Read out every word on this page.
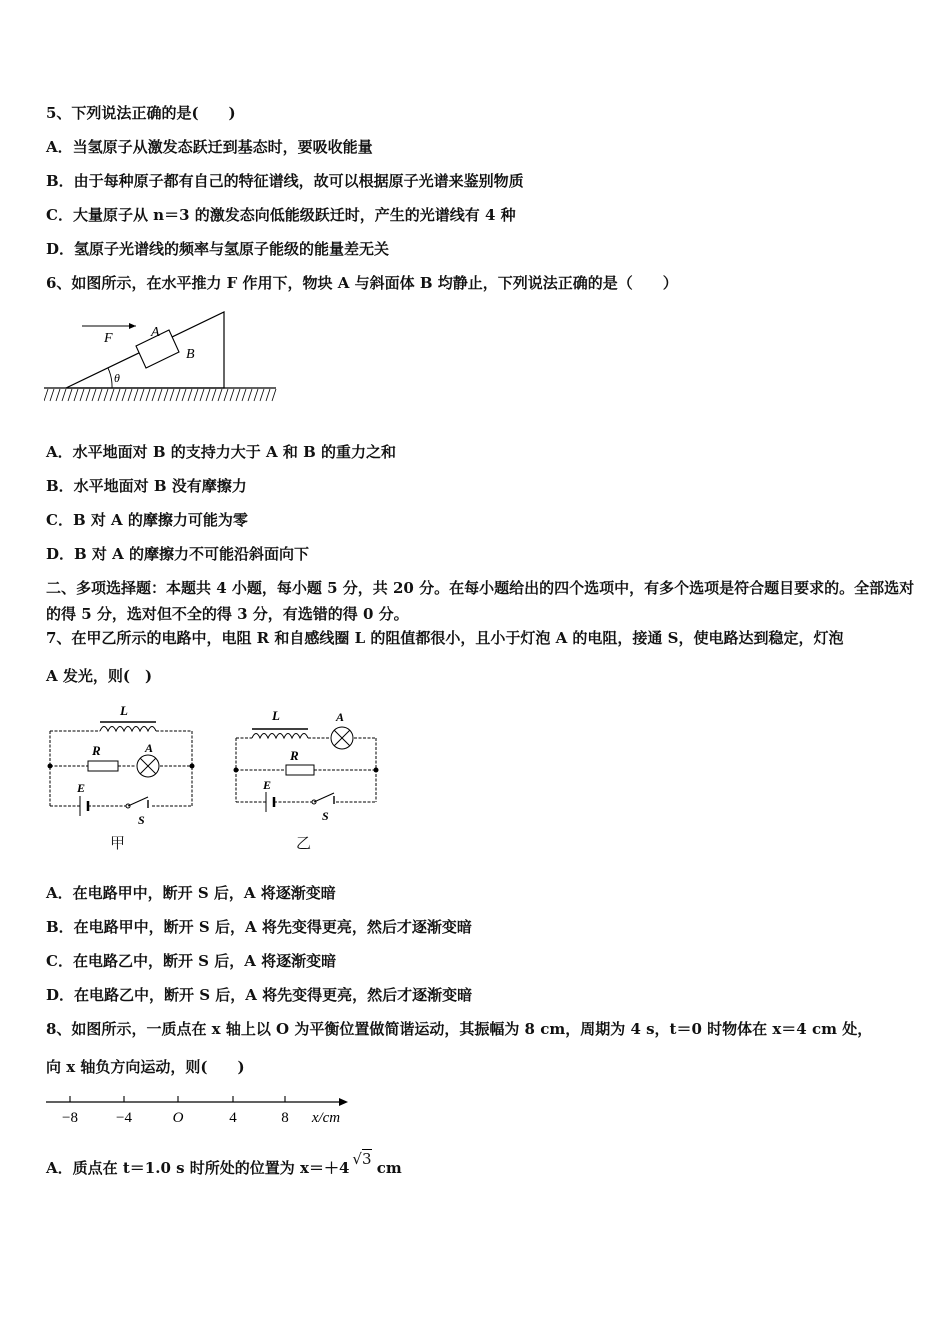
5、下列说法正确的是(　　)
A．当氢原子从激发态跃迁到基态时，要吸收能量
B．由于每种原子都有自己的特征谱线，故可以根据原子光谱来鉴别物质
C．大量原子从 n＝3 的激发态向低能级跃迁时，产生的光谱线有 4 种
D．氢原子光谱线的频率与氢原子能级的能量差无关
6、如图所示，在水平推力 F 作用下，物块 A 与斜面体 B 均静止，下列说法正确的是（　　）
F	A
B
θ
A．水平地面对 B 的支持力大于 A 和 B 的重力之和
B．水平地面对 B 没有摩擦力
C．B 对 A 的摩擦力可能为零
D．B 对 A 的摩擦力不可能沿斜面向下
二、多项选择题：本题共 4 小题，每小题 5 分，共 20 分。在每小题给出的四个选项中，有多个选项是符合题目要求的。全部选对的得 5 分，选对但不全的得 3 分，有选错的得 0 分。
7、在甲乙所示的电路中，电阻 R 和自感线圈 L 的阻值都很小，且小于灯泡 A 的电阻，接通 S，使电路达到稳定，灯泡
A 发光，则(　)
L
R	A
E
S
甲
L	A
R
E
S
乙
A．在电路甲中，断开 S 后，A 将逐渐变暗
B．在电路甲中，断开 S 后，A 将先变得更亮，然后才逐渐变暗
C．在电路乙中，断开 S 后，A 将逐渐变暗
D．在电路乙中，断开 S 后，A 将先变得更亮，然后才逐渐变暗
8、如图所示，一质点在 x 轴上以 O 为平衡位置做简谐运动，其振幅为 8 cm，周期为 4 s，t＝0 时物体在 x＝4 cm 处，
向 x 轴负方向运动，则(　　)
−8	−4	O	4	8 x/cm
A．质点在 t＝1.0 s 时所处的位置为 x＝＋4 √3 cm
